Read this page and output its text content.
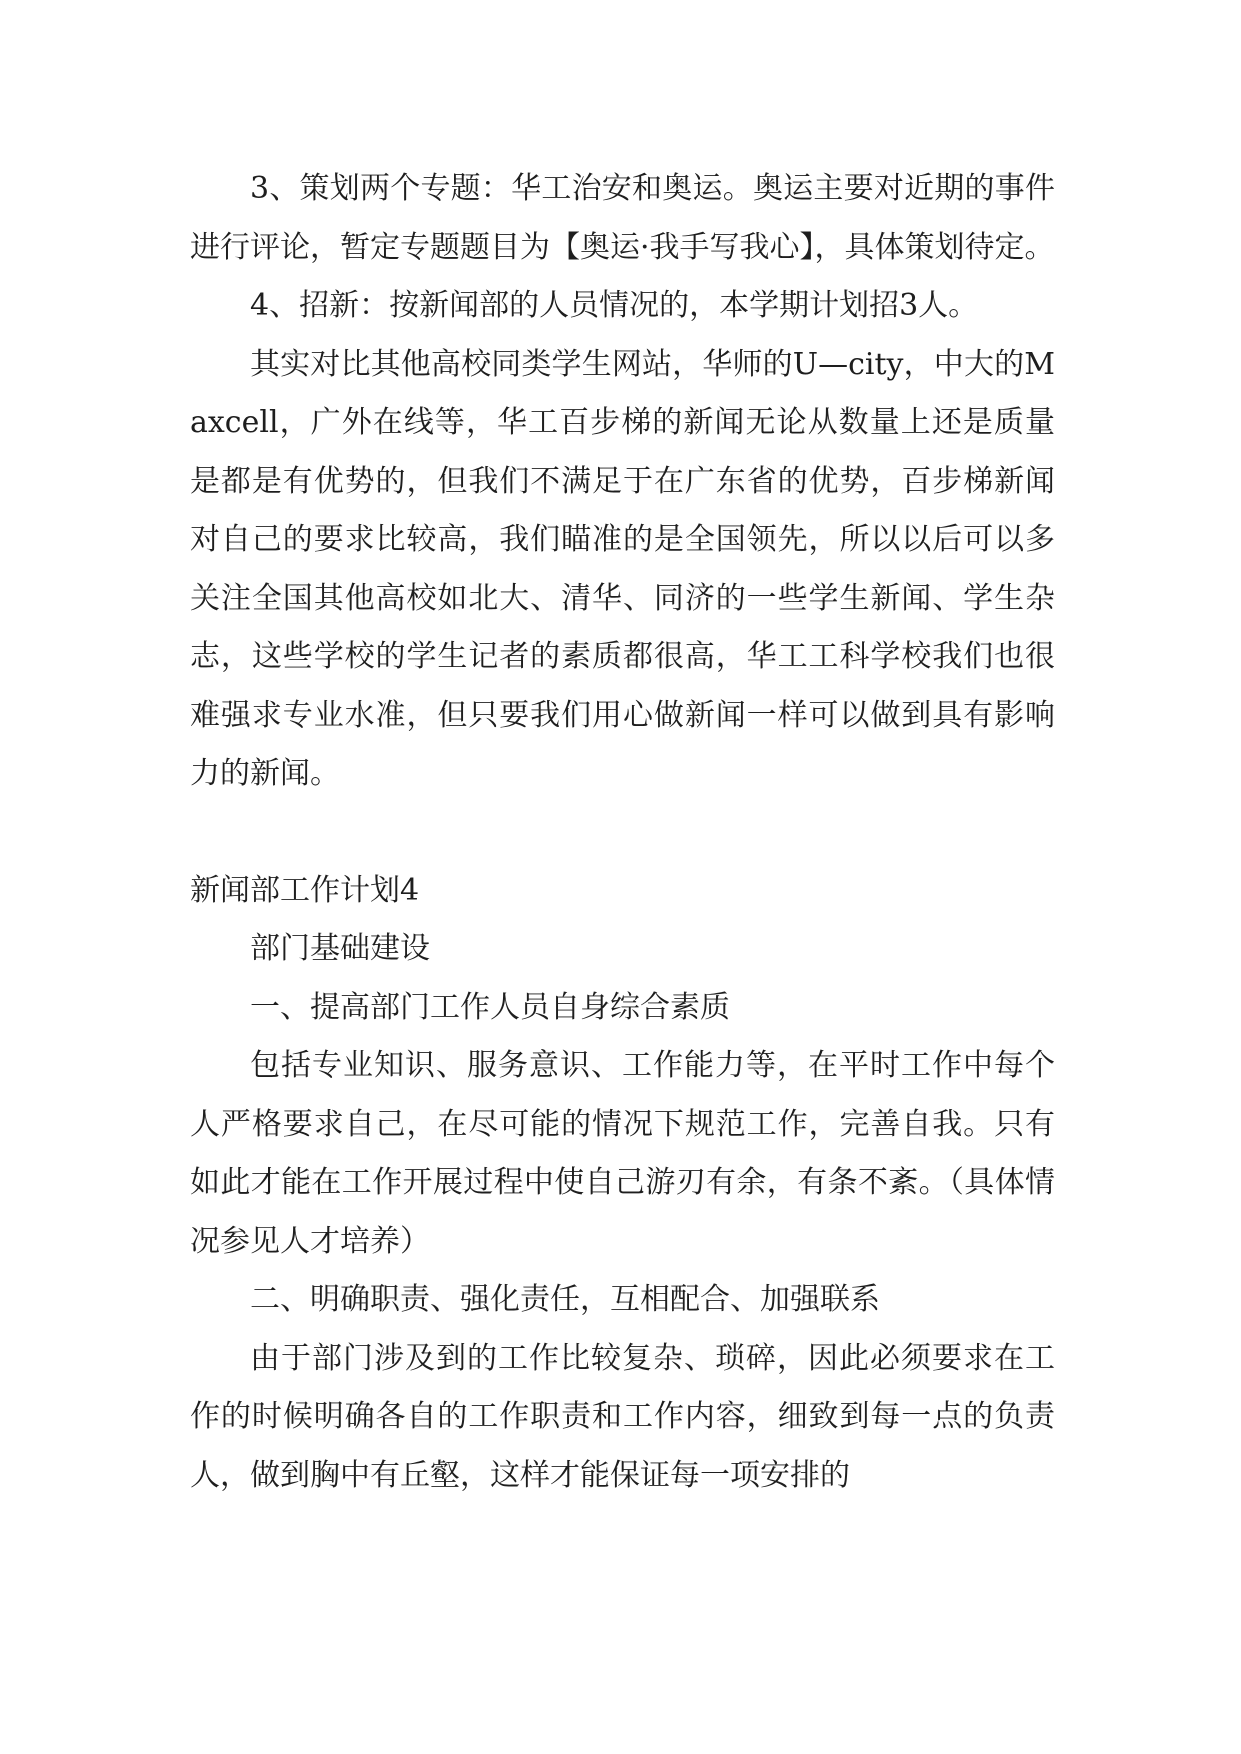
3、策划两个专题：华工治安和奥运。奥运主要对近期的事件进行评论，暂定专题题目为【奥运·我手写我心】，具体策划待定。

4、招新：按新闻部的人员情况的，本学期计划招3人。

其实对比其他高校同类学生网站，华师的U—city，中大的Maxcell，广外在线等，华工百步梯的新闻无论从数量上还是质量是都是有优势的，但我们不满足于在广东省的优势，百步梯新闻对自己的要求比较高，我们瞄准的是全国领先，所以以后可以多关注全国其他高校如北大、清华、同济的一些学生新闻、学生杂志，这些学校的学生记者的素质都很高，华工工科学校我们也很难强求专业水准，但只要我们用心做新闻一样可以做到具有影响力的新闻。

新闻部工作计划4

部门基础建设

一、提高部门工作人员自身综合素质

包括专业知识、服务意识、工作能力等，在平时工作中每个人严格要求自己，在尽可能的情况下规范工作，完善自我。只有如此才能在工作开展过程中使自己游刃有余，有条不紊。（具体情况参见人才培养）

二、明确职责、强化责任，互相配合、加强联系

由于部门涉及到的工作比较复杂、琐碎，因此必须要求在工作的时候明确各自的工作职责和工作内容，细致到每一点的负责人，做到胸中有丘壑，这样才能保证每一项安排的
